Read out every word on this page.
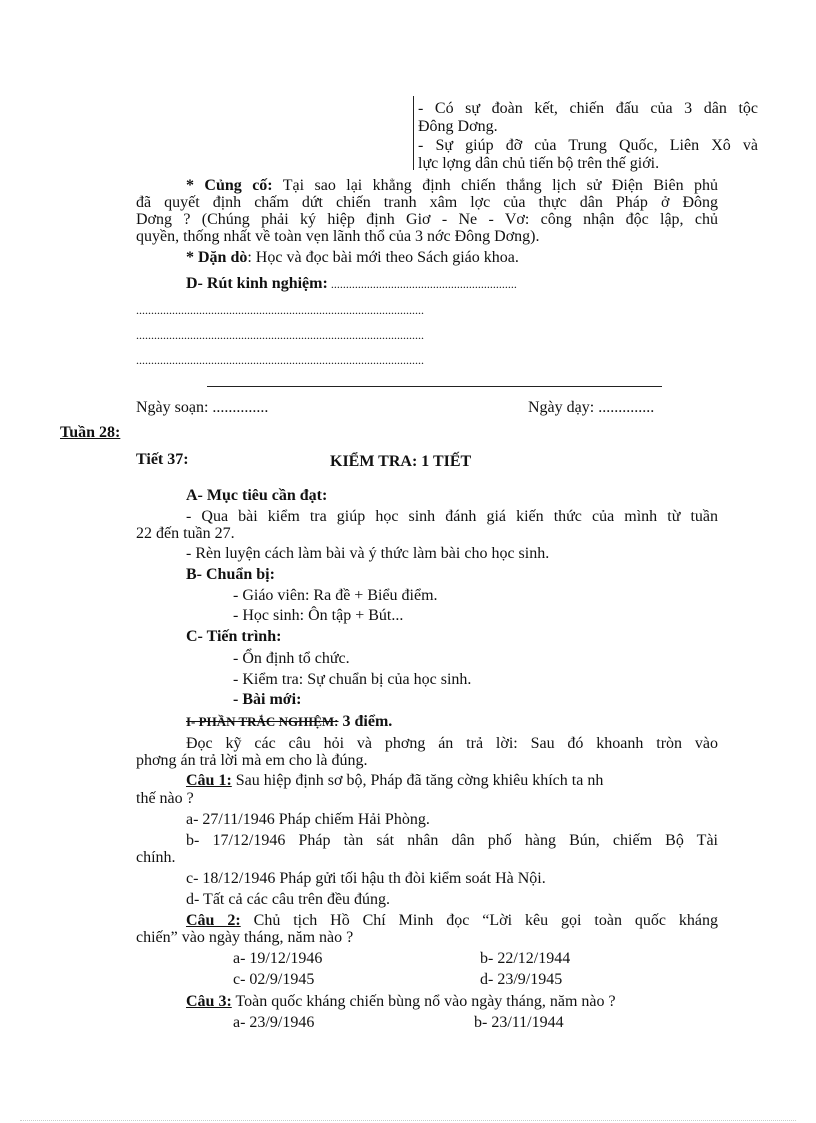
- Có sự đoàn kết, chiến đấu của 3 dân tộc

Đông Dơng.

- Sự giúp đỡ của Trung Quốc, Liên Xô và

lực lợng dân chủ tiến bộ trên thế giới.

* Củng cố: Tại sao lại khẳng định chiến thắng lịch sử Điện Biên phủ

đã quyết định chấm dứt chiến tranh xâm lợc của thực dân Pháp ở Đông

Dơng ? (Chúng phải ký hiệp định Giơ - Ne - Vơ: công nhận độc lập, chủ

quyền, thống nhất về toàn vẹn lãnh thổ của 3 nớc Đông Dơng).

* Dặn dò: Học và đọc bài mới theo Sách giáo khoa.

D- Rút kinh nghiệm: ..............................................................

................................................................................................

................................................................................................

................................................................................................

Ngày soạn: ..............	Ngày dạy: ..............

Tuần 28:

Tiết 37:	KIỂM TRA: 1 TIẾT

A- Mục tiêu cần đạt:

- Qua bài kiểm tra giúp học sinh đánh giá kiến thức của mình từ tuần

22 đến tuần 27.

- Rèn luyện cách làm bài và ý thức làm bài cho học sinh.

B- Chuẩn bị:

- Giáo viên: Ra đề + Biểu điểm.

- Học sinh: Ôn tập + Bút...

C- Tiến trình:

- Ổn định tổ chức.

- Kiểm tra: Sự chuẩn bị của học sinh.

- Bài mới:

I- PHẦN TRẮC NGHIỆM: 3 điểm.

Đọc kỹ các câu hỏi và phơng án trả lời: Sau đó khoanh tròn vào

phơng án trả lời mà em cho là đúng.

Câu 1: Sau hiệp định sơ bộ, Pháp đã tăng cờng khiêu khích ta nh

thế nào ?

a- 27/11/1946 Pháp chiếm Hải Phòng.

b- 17/12/1946 Pháp tàn sát nhân dân phố hàng Bún, chiếm Bộ Tài

chính.

c- 18/12/1946 Pháp gửi tối hậu th đòi kiểm soát Hà Nội.

d- Tất cả các câu trên đều đúng.

Câu 2: Chủ tịch Hồ Chí Minh đọc “Lời kêu gọi toàn quốc kháng

chiến” vào ngày tháng, năm nào ?

a- 19/12/1946	b- 22/12/1944

c- 02/9/1945	d- 23/9/1945

Câu 3: Toàn quốc kháng chiến bùng nổ vào ngày tháng, năm nào ?

a- 23/9/1946	b- 23/11/1944
